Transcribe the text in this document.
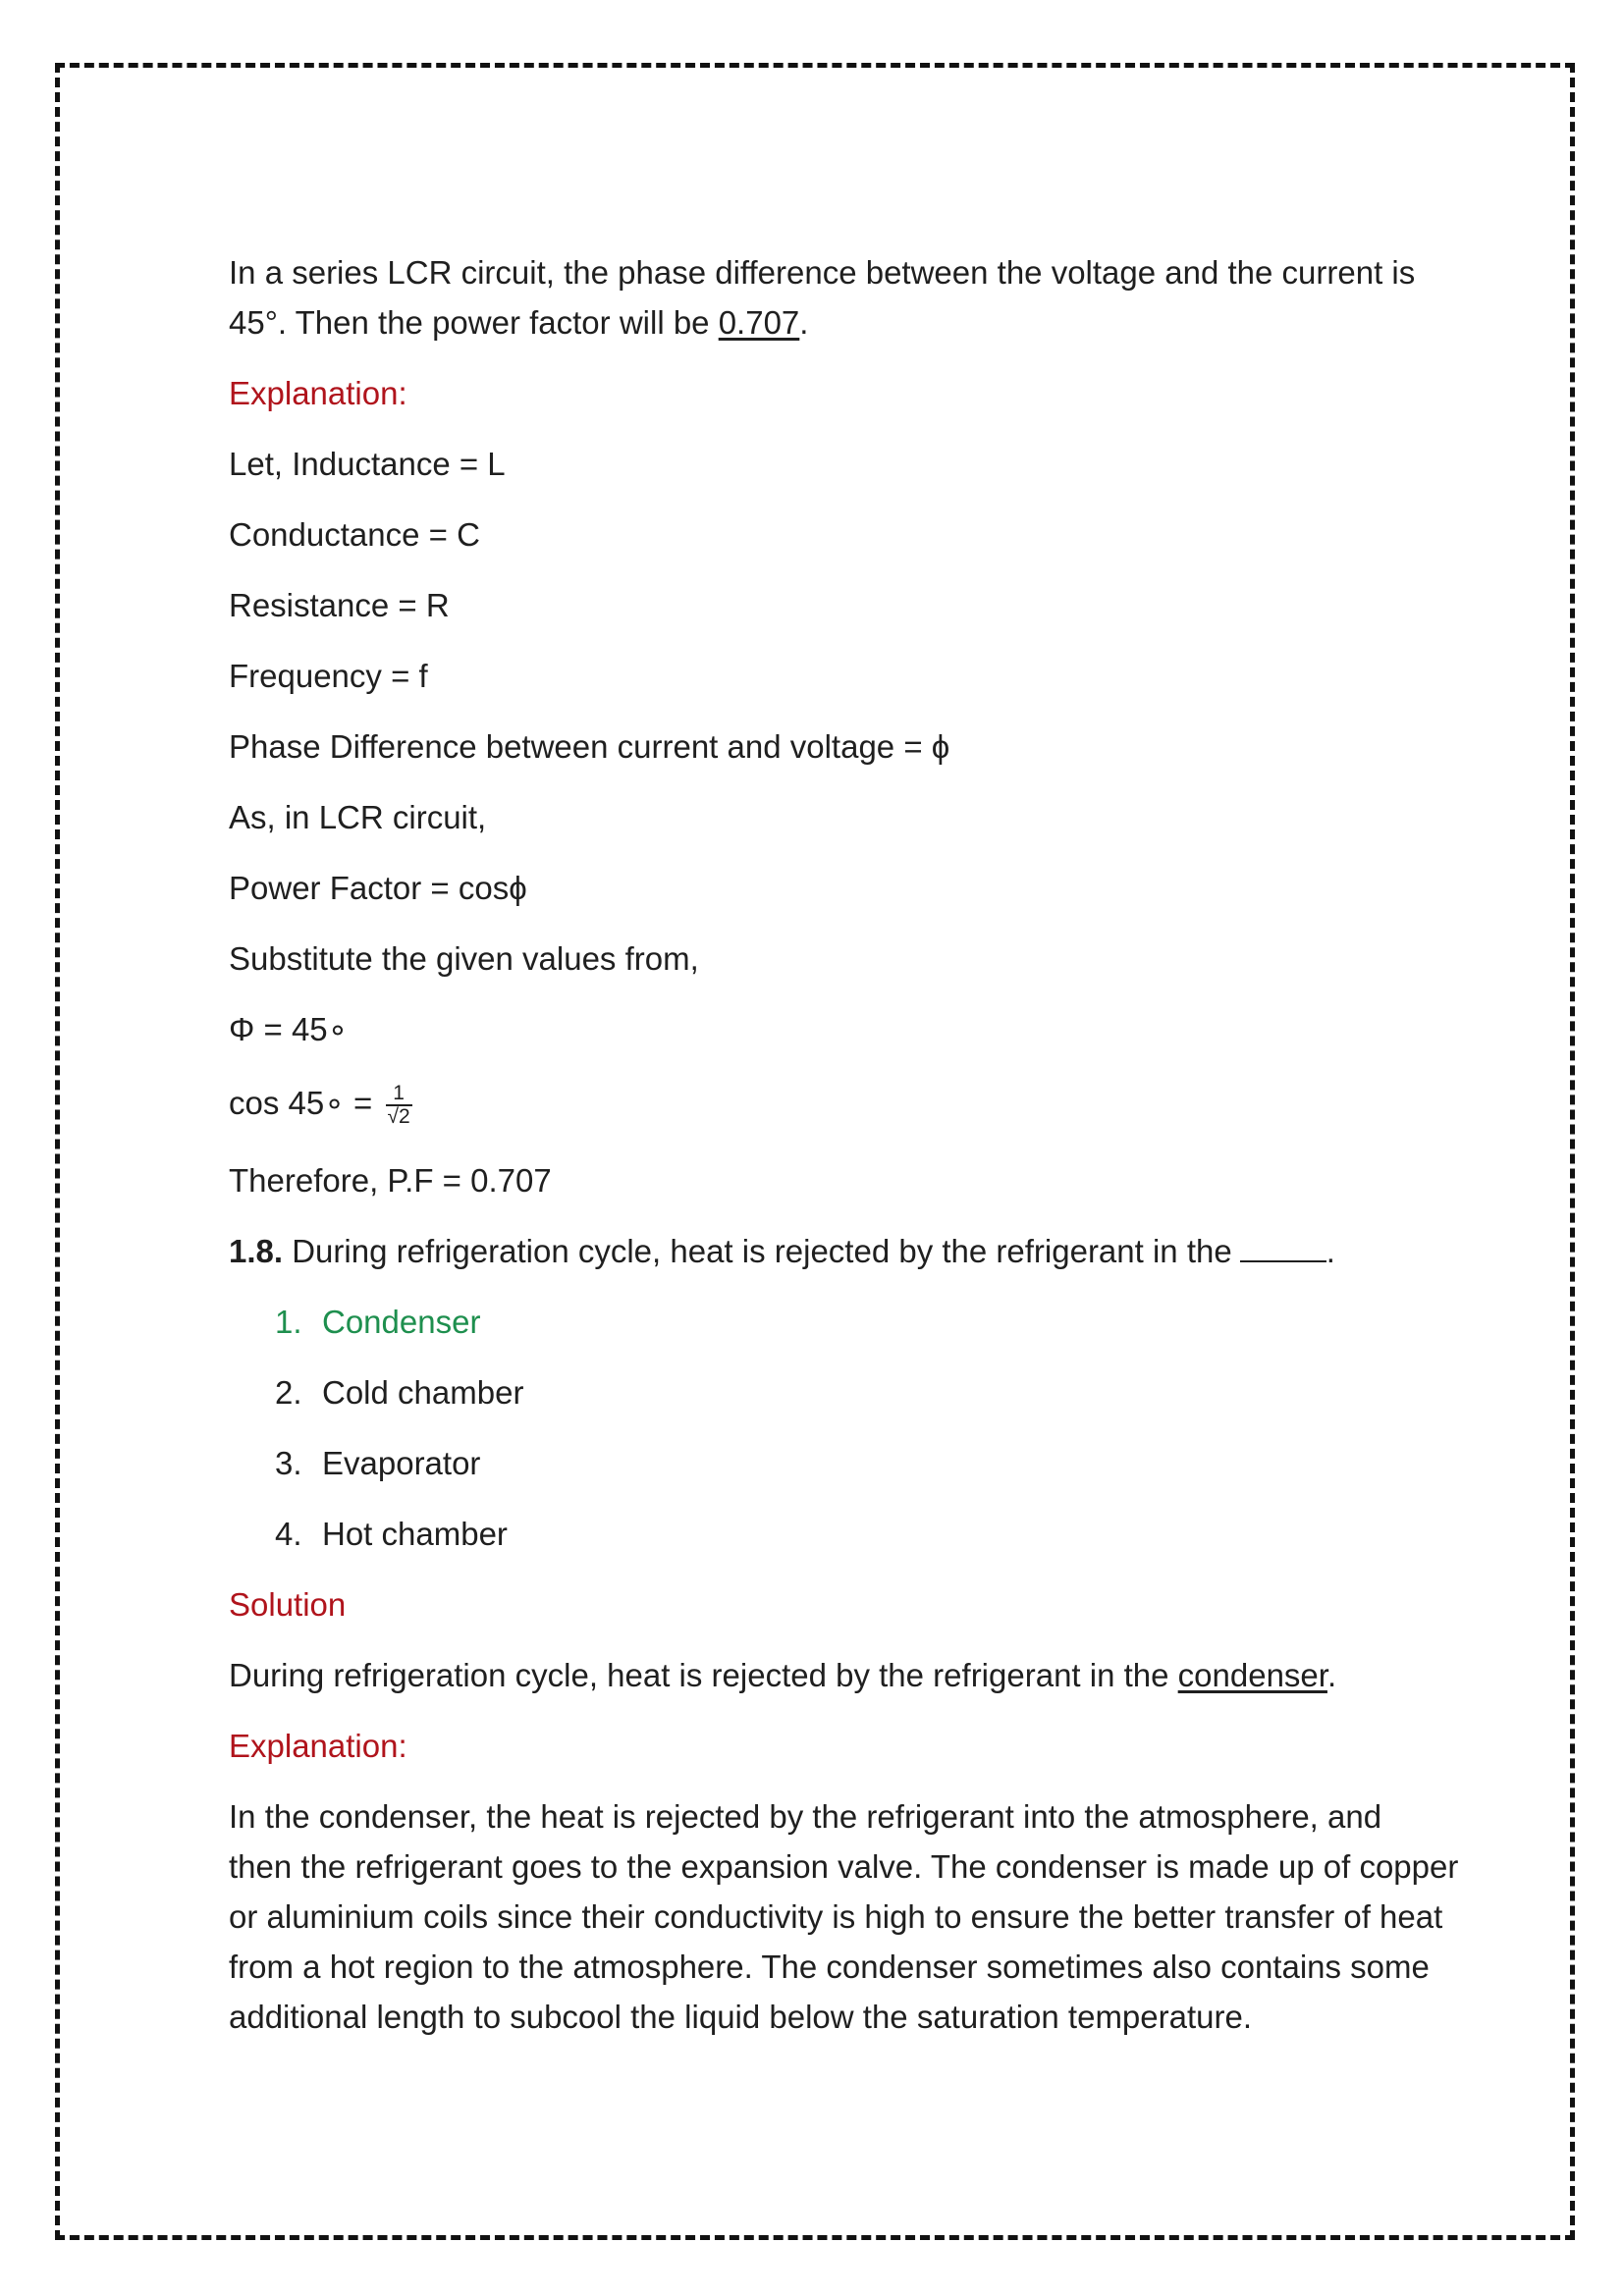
In a series LCR circuit, the phase difference between the voltage and the current is
45°. Then the power factor will be 0.707.
Explanation:
Let, Inductance = L
Conductance = C
Resistance = R
Frequency = f
Phase Difference between current and voltage = ϕ
As, in LCR circuit,
Power Factor = cosϕ
Substitute the given values from,
Φ = 45∘
cos 45∘ = $\frac{1}{√2}$
Therefore, P.F = 0.707
1.8. During refrigeration cycle, heat is rejected by the refrigerant in the	.
1. Condenser
2. Cold chamber
3. Evaporator
4. Hot chamber
Solution
During refrigeration cycle, heat is rejected by the refrigerant in the condenser.
Explanation:
In the condenser, the heat is rejected by the refrigerant into the atmosphere, and
then the refrigerant goes to the expansion valve. The condenser is made up of copper
or aluminium coils since their conductivity is high to ensure the better transfer of heat
from a hot region to the atmosphere. The condenser sometimes also contains some
additional length to subcool the liquid below the saturation temperature.
